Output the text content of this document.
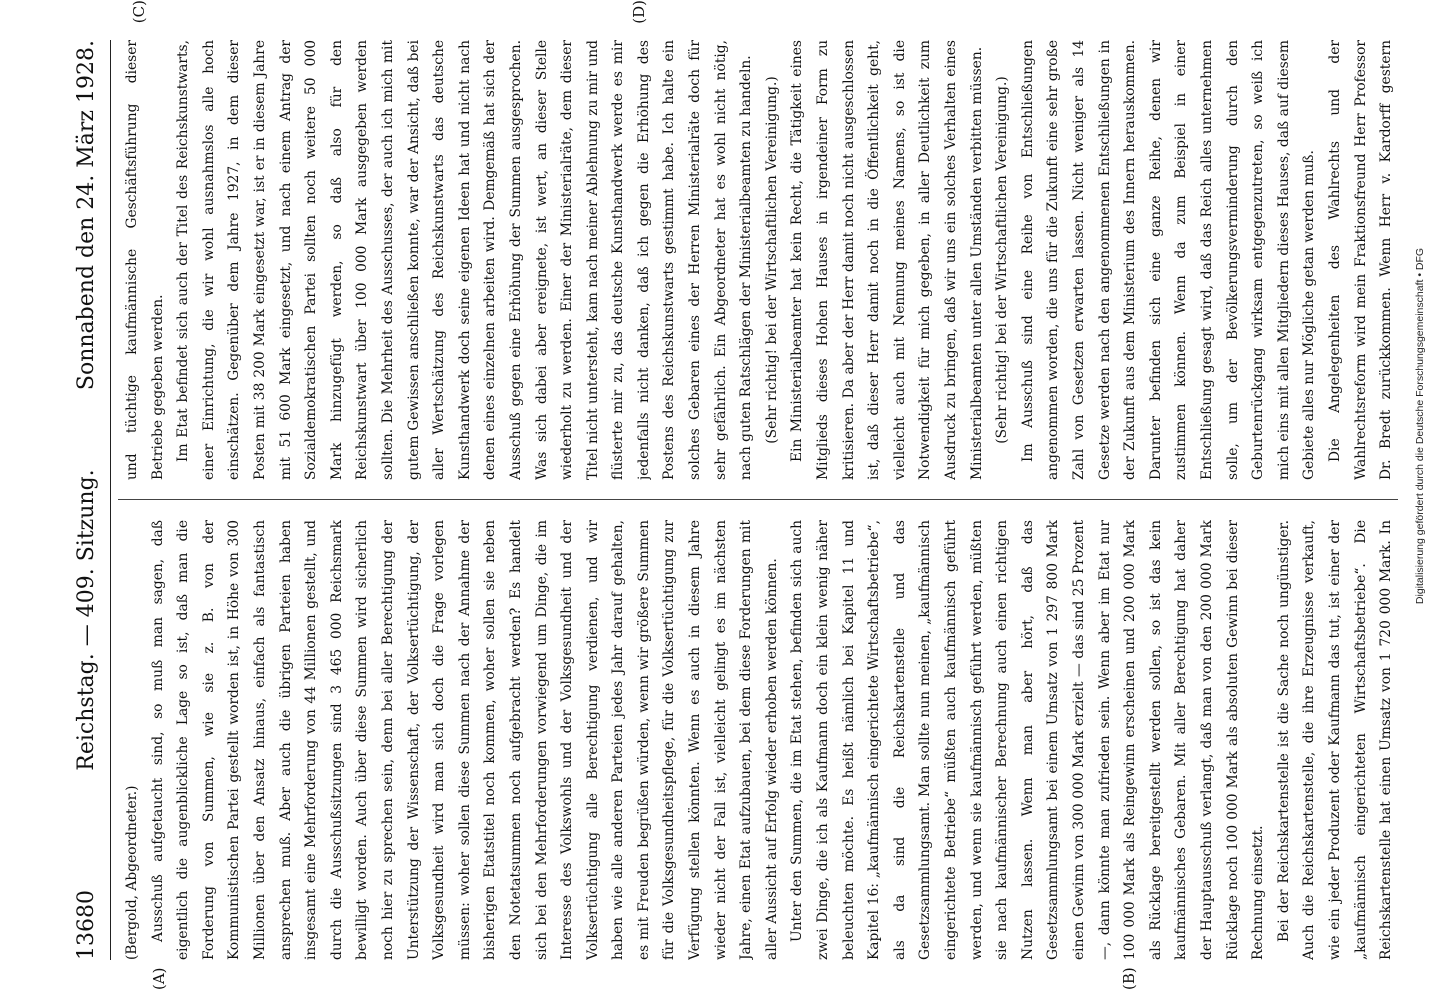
13680
Reichstag. — 409. Sitzung.
Sonnabend den 24. März 1928.
(A)	(B)
(C)	(D)

(Bergold, Abgeordneter.) Ausschuß aufgetaucht sind, so muß man sagen, daß eigentlich die augenblickliche Lage so ist, daß man die Forderung von Summen, wie sie z. B. von der Kommunistischen Partei gestellt worden ist, in Höhe von 300 Millionen über den Ansatz hinaus, einfach als fantastisch ansprechen muß. Aber auch die übrigen Parteien haben insgesamt eine Mehrforderung von 44 Millionen gestellt, und durch die Ausschußsitzungen sind 3 465 000 Reichsmark bewilligt worden. Auch über diese Summen wird sicherlich noch hier zu sprechen sein, denn bei aller Berechtigung der Unterstützung der Wissenschaft, der Volksertüchtigung, der Volksgesundheit wird man sich doch die Frage vorlegen müssen: woher sollen diese Summen nach der Annahme der bisherigen Etatstitel noch kommen, woher sollen sie neben den Notetatsummen noch aufgebracht werden? Es handelt sich bei den Mehrforderungen vorwiegend um Dinge, die im Interesse des Volkswohls und der Volksgesundheit und der Volksertüchtigung alle Berechtigung verdienen, und wir haben wie alle anderen Parteien jedes Jahr darauf gehalten, es mit Freuden begrüßen würden, wenn wir größere Summen für die Volksgesundheitspflege, für die Volksertüchtigung zur Verfügung stellen könnten. Wenn es auch in diesem Jahre wieder nicht der Fall ist, vielleicht gelingt es im nächsten Jahre, einen Etat aufzubauen, bei dem diese Forderungen mit aller Aussicht auf Erfolg wieder erhoben werden können. Unter den Summen, die im Etat stehen, befinden sich auch zwei Dinge, die ich als Kaufmann doch ein klein wenig näher beleuchten möchte. Es heißt nämlich bei Kapitel 11 und Kapitel 16: „kaufmännisch eingerichtete Wirtschaftsbetriebe“, als da sind die Reichskartenstelle und das Gesetzsammlungsamt. Man sollte nun meinen, „kaufmännisch eingerichtete Betriebe“ müßten auch kaufmännisch geführt werden, und wenn sie kaufmännisch geführt werden, müßten sie nach kaufmännischer Berechnung auch einen richtigen Nutzen lassen. Wenn man aber hört, daß das Gesetzsammlungsamt bei einem Umsatz von 1 297 800 Mark einen Gewinn von 300 000 Mark erzielt — das sind 25 Prozent —, dann könnte man zufrieden sein. Wenn aber im Etat nur 100 000 Mark als Reingewinn erscheinen und 200 000 Mark als Rücklage bereitgestellt werden sollen, so ist das kein kaufmännisches Gebaren. Mit aller Berechtigung hat daher der Hauptausschuß verlangt, daß man von den 200 000 Mark Rücklage noch 100 000 Mark als absoluten Gewinn bei dieser Rechnung einsetzt. Bei der Reichskartenstelle ist die Sache noch ungünstiger. Auch die Reichskartenstelle, die ihre Erzeugnisse verkauft, wie ein jeder Produzent oder Kaufmann das tut, ist einer der „kaufmännisch eingerichteten Wirtschaftsbetriebe“. Die Reichskartenstelle hat einen Umsatz von 1 720 000 Mark. In

und tüchtige kaufmännische Geschäftsführung dieser Betriebe gegeben werden. Im Etat befindet sich auch der Titel des Reichskunstwarts, einer Einrichtung, die wir wohl ausnahmslos alle hoch einschätzen. Gegenüber dem Jahre 1927, in dem dieser Posten mit 38 200 Mark eingesetzt war, ist er in diesem Jahre mit 51 600 Mark eingesetzt, und nach einem Antrag der Sozialdemokratischen Partei sollten noch weitere 50 000 Mark hinzugefügt werden, so daß also für den Reichskunstwart über 100 000 Mark ausgegeben werden sollten. Die Mehrheit des Ausschusses, der auch ich mich mit gutem Gewissen anschließen konnte, war der Ansicht, daß bei aller Wertschätzung des Reichskunstwarts das deutsche Kunsthandwerk doch seine eigenen Ideen hat und nicht nach denen eines einzelnen arbeiten wird. Demgemäß hat sich der Ausschuß gegen eine Erhöhung der Summen ausgesprochen. Was sich dabei aber ereignete, ist wert, an dieser Stelle wiederholt zu werden. Einer der Ministerialräte, dem dieser Titel nicht untersteht, kam nach meiner Ablehnung zu mir und flüsterte mir zu, das deutsche Kunsthandwerk werde es mir jedenfalls nicht danken, daß ich gegen die Erhöhung des Postens des Reichskunstwarts gestimmt habe. Ich halte ein solches Gebaren eines der Herren Ministerialräte doch für sehr gefährlich. Ein Abgeordneter hat es wohl nicht nötig, nach guten Ratschlägen der Ministerialbeamten zu handeln. (Sehr richtig! bei der Wirtschaftlichen Vereinigung.) Ein Ministerialbeamter hat kein Recht, die Tätigkeit eines Mitglieds dieses Hohen Hauses in irgendeiner Form zu kritisieren. Da aber der Herr damit noch nicht ausgeschlossen ist, daß dieser Herr damit noch in die Öffentlichkeit geht, vielleicht auch mit Nennung meines Namens, so ist die Notwendigkeit für mich gegeben, in aller Deutlichkeit zum Ausdruck zu bringen, daß wir uns ein solches Verhalten eines Ministerialbeamten unter allen Umständen verbitten müssen. (Sehr richtig! bei der Wirtschaftlichen Vereinigung.) Im Ausschuß sind eine Reihe von Entschließungen angenommen worden, die uns für die Zukunft eine sehr große Zahl von Gesetzen erwarten lassen. Nicht weniger als 14 Gesetze werden nach den angenommenen Entschließungen in der Zukunft aus dem Ministerium des Innern herauskommen. Darunter befinden sich eine ganze Reihe, denen wir zustimmen können. Wenn da zum Beispiel in einer Entschließung gesagt wird, daß das Reich alles unternehmen solle, um der Bevölkerungsverminderung durch den Geburtenrückgang wirksam entgegenzutreten, so weiß ich mich eins mit allen Mitgliedern dieses Hauses, daß auf diesem Gebiete alles nur Mögliche getan werden muß. Die Angelegenheiten des Wahlrechts und der Wahlrechtsreform wird mein Fraktionsfreund Herr Professor Dr. Bredt zurückkommen. Wenn Herr v. Kardorff gestern

Digitalisierung gefördert durch die Deutsche Forschungsgemeinschaft • DFG
